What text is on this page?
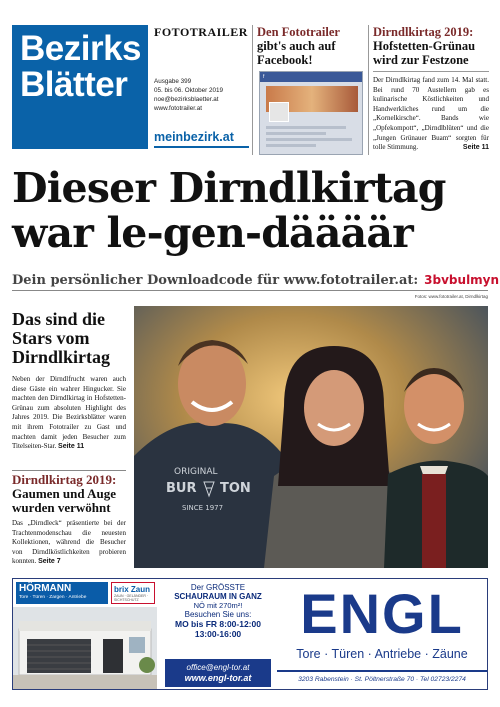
Bezirks
Blätter
FOTOTRAILER
Ausgabe 399
05. bis 06. Oktober 2019
noe@bezirksblaetter.at
www.fototrailer.at
meinbezirk.at
Den Fototrailer
gibt's auch auf
Facebook!
f
Dirndlkirtag 2019:
Hofstetten-Grünau
wird zur Festzone
Der Dirndlkirtag fand zum 14. Mal statt. Bei rund 70 Austellern gab es kulinarische Köstlichkeiten und Handwerkliches rund um die „Kornelkirsche“. Bands wie „Opfekompott“, „Dirndlblüten“ und die „Jungen Grünauer Buam“ sorgten für tolle Stimmung.	Seite 11
Dieser Dirndlkirtag
war le-gen-däääär
Dein persönlicher Downloadcode für www.fototrailer.at: 3bvbulmyn
Fotos: www.fototrailer.at, Dirndlkirtag
Das sind die
Stars vom
Dirndlkirtag

Neben der Dirndlfrucht waren auch diese Gäste ein wahrer Hingucker. Sie machten den Dirndlkirtag in Hofstetten-Grünau zum absoluten Highlight des Jahres 2019. Die Bezirksblätter waren mit ihrem Fototrailer zu Gast und machten damit jeden Besucher zum Titelseiten-Star. Seite 11

Dirndlkirtag 2019:
Gaumen und Auge
wurden verwöhnt

Das „Dirndleck“ präsentierte bei der Trachtenmodenschau die neuesten Kollektionen, während die Besucher von Dirndlköstlichkeiten probieren konnten. Seite 7

ORIGINAL
BUR TON
SINCE 1977
HÖRMANN
Tore · Türen · Zargen · Antriebe
brix Zaun
ZAUN · GELÄNDER · SICHTSCHUTZ
Der GRÖSSTE
SCHAURAUM IN GANZ
NÖ mit 270m²!
Besuchen Sie uns:
MO bis FR 8:00-12:00
13:00-16:00
office@engl-tor.at
www.engl-tor.at
ENGL
Tore · Türen · Antriebe · Zäune
3203 Rabenstein · St. Pöltnerstraße 70 · Tel 02723/2274
